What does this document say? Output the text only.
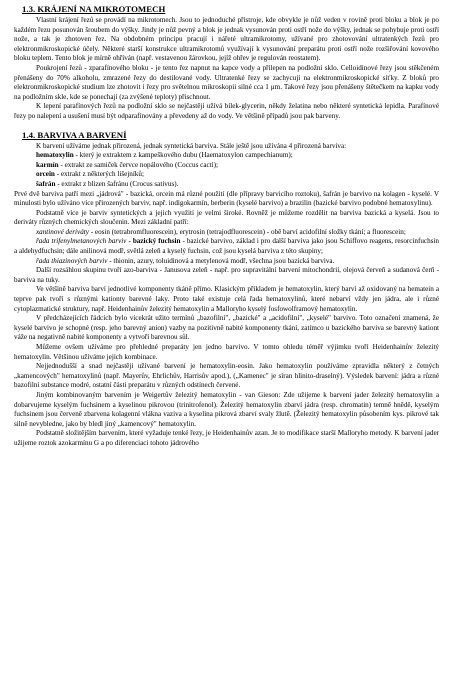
1.3. KRÁJENÍ NA MIKROTOMECH

Vlastní krájení řezů se provádí na mikrotomech. Jsou to jednoduché přístroje, kde obvykle je nůž veden v rovině proti bloku a blok je po každém řezu posunován šroubem do výšky. Jindy je nůž pevný a blok je jednak vysunován proti ostří nože do výšky, jednak se pohybuje proti ostří nože, a tak je zhotoven řez. Na obdobném principu pracují i nářeté ultramikrotomy, užívané pro zhotovování ultratenkých řezů pro elektronmikroskopické účely. Některé starší konstrukce ultramikrotomů využívají k vysunování preparátu proti ostří nože rozšiřování kovového bloku teplem. Tento blok je mírně ohříván (např. vestavenou žárovkou, jejíž ohřev je regulován reostatem).

Poukrojení řezů - zparafínového bloku - je tento řez napnut na kapce vody a přilepen na podložní sklo. Celloidinové řezy jsou stěkčeném přenášeny do 70% alkoholu, zmrazené řezy do destilované vody. Ultratenké řezy se zachycují na elektronmikroskopické síťky. Z bloků pro elektronmikroskopické studium lze zhotovit i řezy pro světelnou mikroskopii silné cca 1 μm. Takové řezy jsou přenášeny štětečkem na kapku vody na podložním skle, kde se ponechají (za zvýšené teploty) přischnout.

K lepení parafínových řezů na podložní sklo se nejčastěji užívá bílek-glycerin, někdy želatina nebo některé syntetická lepidla. Parafínové řezy po nalepení a usušení musí být odparafínovány a převedeny až do vody. Ve většině případů jsou pak barveny.

1.4. BARVIVA A BARVENÍ

K barvení užíváme jednak přirozená, jednak syntetická barviva. Stále ještě jsou užívána 4 přirozená barviva:

hematoxylin - který je extraktem z kampeškového dubu (Haematoxylon campechianum);

karmín - extrakt ze samiček červce nopálového (Coccus cacti);

orcein - extrakt z některých lišejníků;

šafrán - extrakt z blizen šafránu (Crocus sativus).

Prvé dvě barviva patří mezi „jádrová" - bazická, orcein má různé použití (dle přípravy barvicího roztoku), šafrán je barvivo na kolagen - kyselé. V minulosti bylo užíváno více přirozených barviv, např. indigokarmín, berberin (kyselé barvivo) a brazilin (bazické barvivo podobné hematoxylinu).

Podstatně více je barviv syntetických a jejich využití je velmi široké. Rovněž je můžeme rozdělit na barviva bazická a kyselá. Jsou to deriváty různých chemických sloučenin. Mezi základní patří:

xantinové deriváty - eosin (tetrabromfluorescein), erytrosin (tetrajodfluorescein) - obě barví acidofilní složky tkání; a fluorescein;

řada trifenylmetanových barviv - bazický fuchsin - bazické barvivo, základ i pro další barviva jako jsou Schiffovo reagens, resorcinfuchsin a aldehydfuchsin; dále anilinová modř, světlá zeleň a kyselý fuchsin, což jsou kyselá barviva z této skupiny;

řada thiazinových barviv - thionin, azury, toluidinová a metylenová modř, všechna jsou bazická barviva.

Další rozsáhlou skupinu tvoří azo-barviva - Janusova zeleň - např. pro supravitální barvení mitochondrií, olejová červeň a sudanová čerň - barviva na tuky.

Ve většině barviva barví jednotlivé komponenty tkáně přímo. Klasickým příkladem je hematoxylin, který barví až oxidovaný na hematein a teprve pak tvoří s různými kationty barevné laky. Proto také existuje celá řada hematoxylinů, které nebarví vždy jen jádra, ale i různé cytoplazmatické struktury, např. Heidenhainův železitý hematoxylin a Malloryho kyselý fosfowolframový hematoxylin.

V předcházejících řádcích bylo vícekrát užito termínů „bazofilní", „bazické" a „acidofilní", „kyselé" barvivo. Toto označení znamená, že kyselé barvivo je schopné (resp. jeho barevný anion) vazby na pozitivně nabité komponenty tkání, zatímco u bazického barviva se barevný kationt váže na negativně nabité komponenty a vytvoří barevnou sůl.

Můžeme ovšem užíváme pro přehledné preparáty jen jedno barvivo. V tomto ohledu téměř výjimku tvoří Heidenhainův železitý hematoxylin. Většinou užíváme jejich kombinace.

Nejjednodušší a snad nejčastěji užívané barvení je hematoxylin-eosin. Jako hematoxylin používáme zpravidla některý z četných „kamencových" hematoxylinů (např. Mayerův, Ehrlichův, Harrisův apod.), („Kamenec" je síran hlinito-draselný). Výsledek barvení: jádra a různé bazofilní substance modré, ostatní části preparátu v různých odstínech červené.

Jiným kombinovaným barvením je Weigertův železitý hematoxylin - van Gieson: Zde užijeme k barvení jader železitý hematoxylin a dobarvujeme kyselým fuchsinem a kyselinou pikrovou (trinitrofenol). Železitý hematoxylin zbarví jádra (resp. chromatin) temně hnědě, kyselým fuchsinem jsou červeně zbarvena kolagenní vlákna vaziva a kyselina pikrová zbarví svaly žlutě. (Železitý hematoxylin působením kys. pikrové tak silně nevybledne, jako by bledl jiný „kamencový" hematoxylin.

Podstatně složitějším barvením, které vyžaduje tenké řezy, je Heidenhainův azan. Je to modifikace starší Malloryho metody. K barvení jader užijeme roztok azokarmínu G a po diferenciaci tohoto jádrového
